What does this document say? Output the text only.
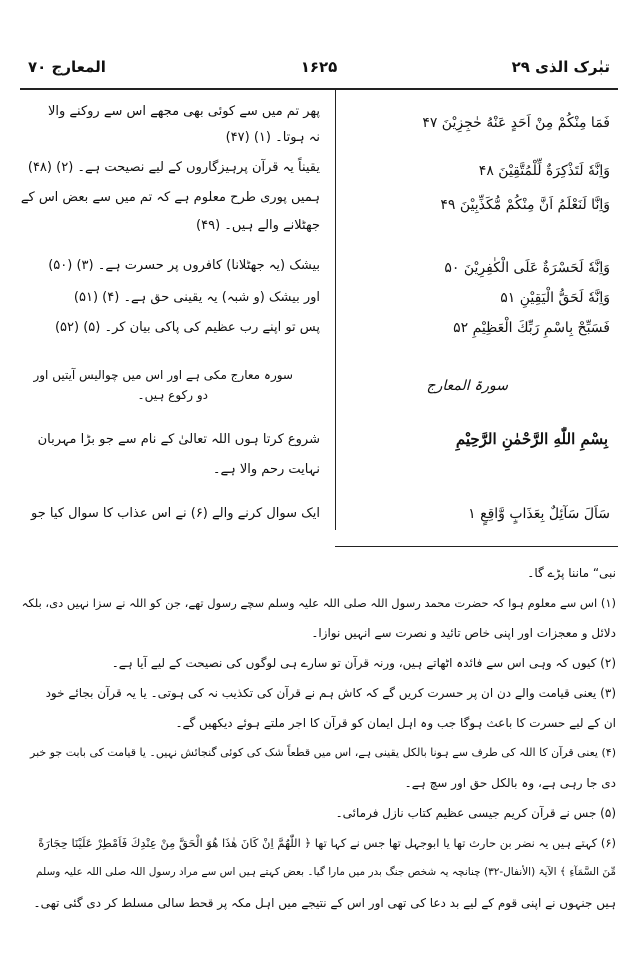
المعارج ۷۰	۱۶۲۵	تبٰرک الذی ۲۹
پھر تم میں سے کوئی بھی مجھے اس سے روکنے والا
نہ ہوتا۔ (۱) (۴۷)
یقیناً یہ قرآن پرہیزگاروں کے لیے نصیحت ہے۔ (۲) (۴۸)
ہمیں پوری طرح معلوم ہے کہ تم میں سے بعض اس کے
جھٹلانے والے ہیں۔ (۴۹)
بیشک (یہ جھٹلانا) کافروں پر حسرت ہے۔ (۳) (۵۰)
اور بیشک (و شبہ) یہ یقینی حق ہے۔ (۴) (۵۱)
پس تو اپنے رب عظیم کی پاکی بیان کر۔ (۵) (۵۲)
سورہ معارج مکی ہے اور اس میں چوالیس آیتیں اور
دو رکوع ہیں۔
شروع کرتا ہوں اللہ تعالیٰ کے نام سے جو بڑا مہربان
نہایت رحم والا ہے۔
ایک سوال کرنے والے (۶) نے اس عذاب کا سوال کیا جو
فَمَا مِنْكُمْ مِنْ اَحَدٍ عَنْهُ حٰجِزِيْنَ ۴۷
وَاِنَّهٗ لَتَذْكِرَةٌ لِّلْمُتَّقِيْنَ ۴۸
وَاِنَّا لَنَعْلَمُ اَنَّ مِنْكُمْ مُّكَذِّبِيْنَ ۴۹
وَاِنَّهٗ لَحَسْرَةٌ عَلَى الْكٰفِرِيْنَ ۵۰
وَاِنَّهٗ لَحَقُّ الْيَقِيْنِ ۵۱
فَسَبِّحْ بِاسْمِ رَبِّكَ الْعَظِيْمِ ۵۲
سورۃ المعارج
بِسْمِ اللّٰهِ الرَّحْمٰنِ الرَّحِيْمِ
سَاَلَ سَآئِلٌ بِعَذَابٍ وَّاقِعٍ ۱
نبی“ ماننا پڑے گا۔
(۱) اس سے معلوم ہوا کہ حضرت محمد رسول اللہ صلی اللہ علیہ وسلم سچے رسول تھے، جن کو اللہ نے سزا نہیں دی، بلکہ
دلائل و معجزات اور اپنی خاص تائید و نصرت سے انہیں نوازا۔
(۲) کیوں کہ وہی اس سے فائدہ اٹھاتے ہیں، ورنہ قرآن تو سارے ہی لوگوں کی نصیحت کے لیے آیا ہے۔
(۳) یعنی قیامت والے دن ان پر حسرت کریں گے کہ کاش ہم نے قرآن کی تکذیب نہ کی ہوتی۔ یا یہ قرآن بجائے خود
ان کے لیے حسرت کا باعث ہوگا جب وہ اہل ایمان کو قرآن کا اجر ملتے ہوئے دیکھیں گے۔
(۴) یعنی قرآن کا اللہ کی طرف سے ہونا بالکل یقینی ہے، اس میں قطعاً شک کی کوئی گنجائش نہیں۔ یا قیامت کی بابت جو خبر
دی جا رہی ہے، وہ بالکل حق اور سچ ہے۔
(۵) جس نے قرآن کریم جیسی عظیم کتاب نازل فرمائی۔
(۶) کہتے ہیں یہ نضر بن حارث تھا یا ابوجہل تھا جس نے کہا تھا ﴿ اللّٰهُمَّ اِنْ كَانَ هٰذَا هُوَ الْحَقَّ مِنْ عِنْدِكَ فَاَمْطِرْ عَلَيْنَا حِجَارَةً
مِّنَ السَّمَآءِ ﴾ الآیۃ (الأنفال-۳۲) چنانچہ یہ شخص جنگ بدر میں مارا گیا۔ بعض کہتے ہیں اس سے مراد رسول اللہ صلی اللہ علیہ وسلم
ہیں جنہوں نے اپنی قوم کے لیے بد دعا کی تھی اور اس کے نتیجے میں اہل مکہ پر قحط سالی مسلط کر دی گئی تھی۔
